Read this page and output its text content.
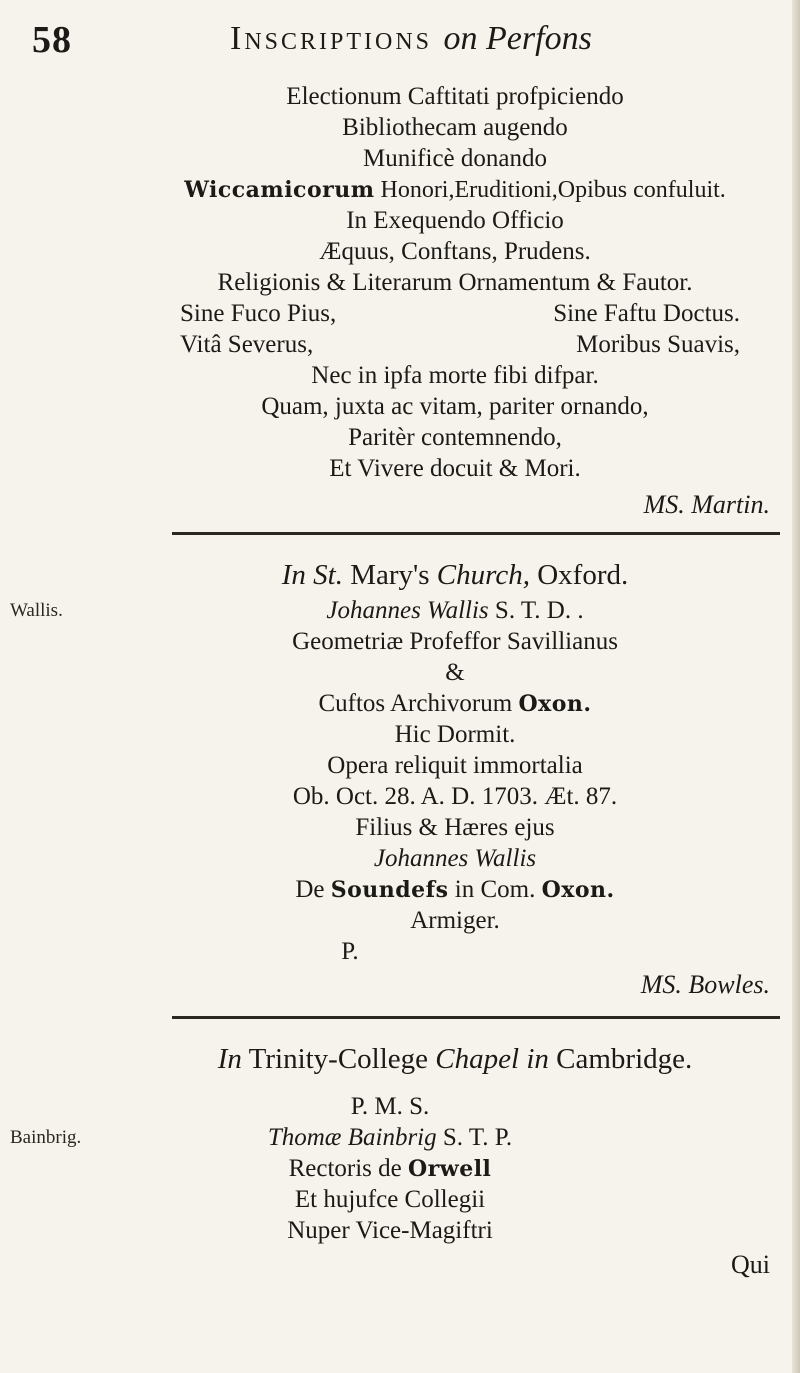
58	Inscriptions on Perfons
Electionum Caftitati profpiciendo
Bibliothecam augendo
Munificè donando
Wiccamicorum Honori,Eruditioni,Opibus confuluit.
In Exequendo Officio
Æquus, Conftans, Prudens.
Religionis & Literarum Ornamentum & Fautor.
Sine Fuco Pius,	Sine Faftu Doctus.
Vitâ Severus,	Moribus Suavis,
Nec in ipfa morte fibi difpar.
Quam, juxta ac vitam, pariter ornando,
Paritèr contemnendo,
Et Vivere docuit & Mori.
MS. Martin.
In St. Mary's Church, Oxford.
Wallis.	Johannes Wallis S. T. D. .
Geometriæ Profeffor Savillianus
&
Cuftos Archivorum Oxon.
Hic Dormit.
Opera reliquit immortalia
Ob. Oct. 28. A. D. 1703. Æt. 87.
Filius & Hæres ejus
Johannes Wallis
De Soundefs in Com. Oxon.
Armiger.
P.
MS. Bowles.
In Trinity-College Chapel in Cambridge.
P. M. S.
Bainbrig.	Thomæ Bainbrig S. T. P.
Rectoris de Orwell
Et hujufce Collegii
Nuper Vice-Magiftri
Qui
